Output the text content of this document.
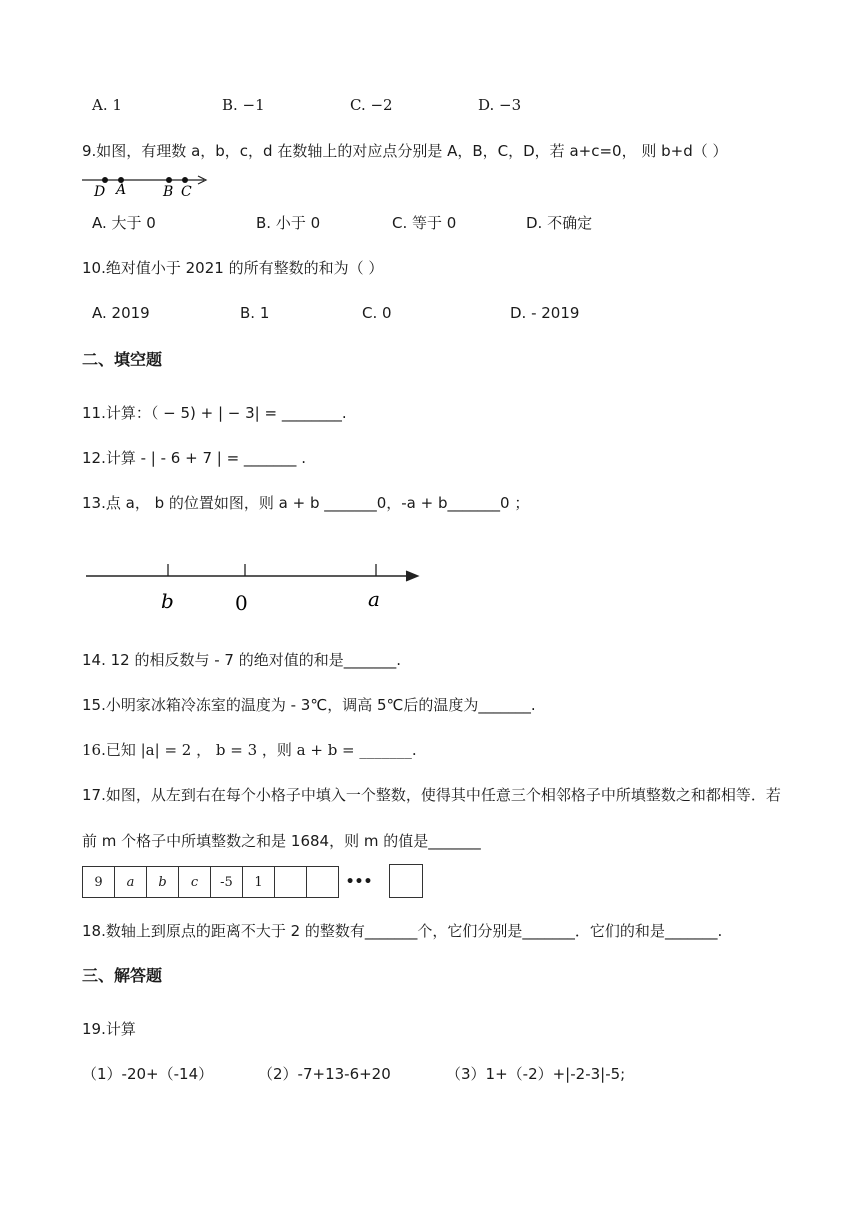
A. 1	B. −1	C. −2	D. −3
9.如图，有理数 a，b，c，d 在数轴上的对应点分别是 A，B，C，D，若 a+c=0， 则 b+d（ ）
D A	B C
A. 大于 0	B. 小于 0	C. 等于 0	D. 不确定
10.绝对值小于 2021 的所有整数的和为（ ）
A. 2019	B. 1	C. 0	D. - 2019
二、填空题
11.计算：（ − 5) + | − 3| = ________.
12.计算 - | - 6 + 7 | = _______ .
13.点 a， b 的位置如图，则 a + b _______0，-a + b_______0 ；
b	0	a
14. 12 的相反数与 - 7 的绝对值的和是_______.
15.小明家冰箱冷冻室的温度为 - 3℃，调高 5℃后的温度为_______.
16.已知 |a| = 2 ， b = 3 ，则 a + b = _______.
17.如图，从左到右在每个小格子中填入一个整数，使得其中任意三个相邻格子中所填整数之和都相等．若
前 m 个格子中所填整数之和是 1684，则 m 的值是_______
9	a	b	c	-5	1	•••
18.数轴上到原点的距离不大于 2 的整数有_______个，它们分别是_______．它们的和是_______.
三、解答题
19.计算
（1）-20+（-14）	（2）-7+13-6+20	（3）1+（-2）+|-2-3|-5;
